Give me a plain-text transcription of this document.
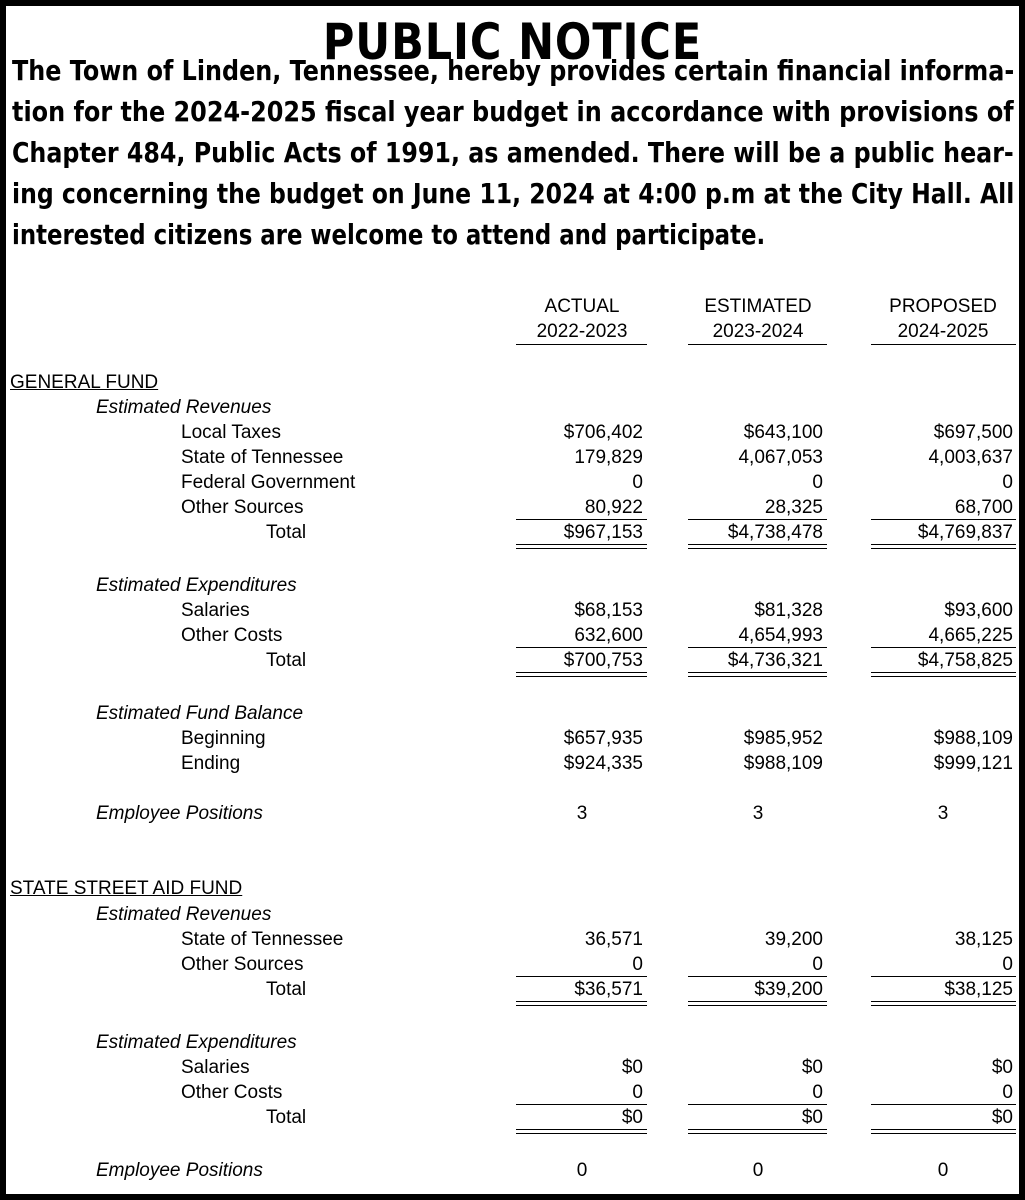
PUBLIC NOTICE
The Town of Linden, Tennessee, hereby provides certain financial informa-
tion for the 2024-2025 fiscal year budget in accordance with provisions of
Chapter 484, Public Acts of 1991, as amended. There will be a public hear-
ing concerning the budget on June 11, 2024 at 4:00 p.m at the City Hall. All
interested citizens are welcome to attend and participate.
ACTUAL
2022-2023
ESTIMATED
2023-2024
PROPOSED
2024-2025
GENERAL FUND
Estimated Revenues
Local Taxes	$706,402	$643,100	$697,500
State of Tennessee	179,829	4,067,053	4,003,637
Federal Government	0	0	0
Other Sources	80,922	28,325	68,700
Total	$967,153	$4,738,478	$4,769,837
Estimated Expenditures
Salaries	$68,153	$81,328	$93,600
Other Costs	632,600	4,654,993	4,665,225
Total	$700,753	$4,736,321	$4,758,825
Estimated Fund Balance
Beginning	$657,935	$985,952	$988,109
Ending	$924,335	$988,109	$999,121
Employee Positions	3	3	3
STATE STREET AID FUND
Estimated Revenues
State of Tennessee	36,571	39,200	38,125
Other Sources	0	0	0
Total	$36,571	$39,200	$38,125
Estimated Expenditures
Salaries	$0	$0	$0
Other Costs	0	0	0
Total	$0	$0	$0
Employee Positions	0	0	0
